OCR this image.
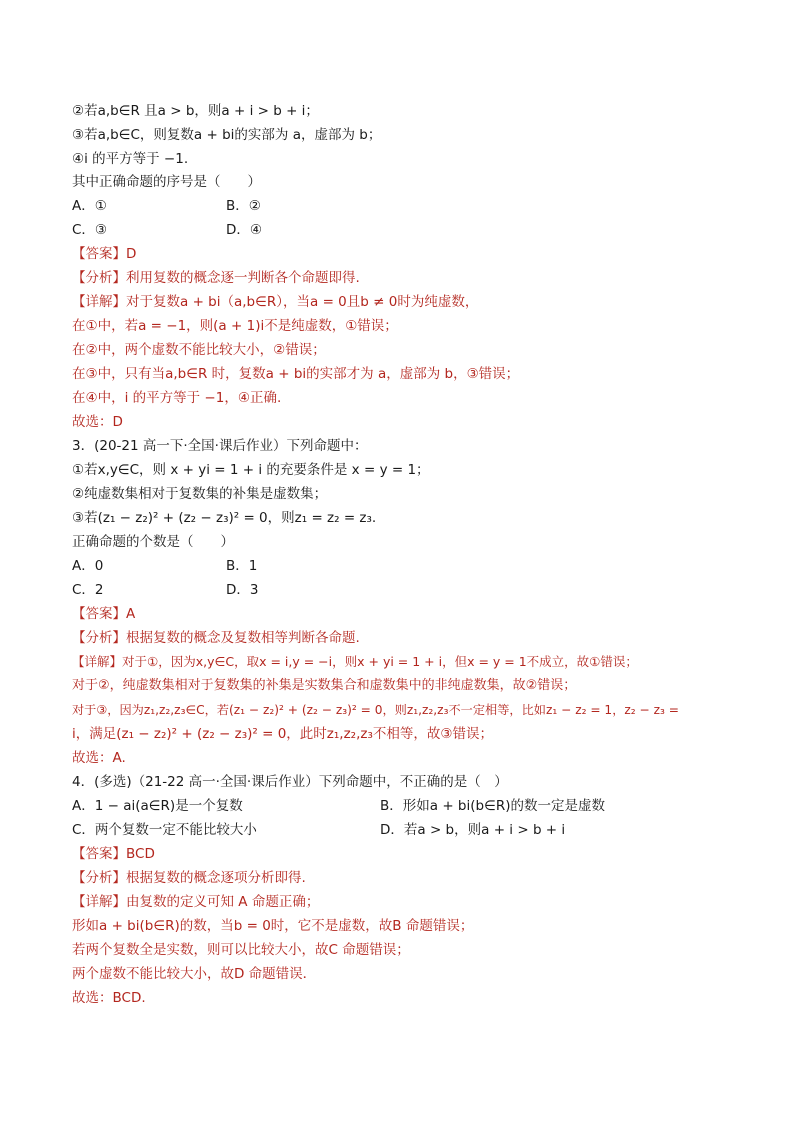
②若a,b∈R 且a > b，则a + i > b + i；
③若a,b∈C，则复数a + bi的实部为 a，虚部为 b；
④i 的平方等于 −1.
其中正确命题的序号是（　　）
A．①	B．②
C．③	D．④
【答案】D
【分析】利用复数的概念逐一判断各个命题即得.
【详解】对于复数a + bi（a,b∈R），当a = 0且b ≠ 0时为纯虚数，
在①中，若a = −1，则(a + 1)i不是纯虚数，①错误；
在②中，两个虚数不能比较大小，②错误；
在③中，只有当a,b∈R 时，复数a + bi的实部才为 a，虚部为 b，③错误；
在④中，i 的平方等于 −1，④正确.
故选：D
3．(20-21 高一下·全国·课后作业）下列命题中：
①若x,y∈C，则 x + yi = 1 + i 的充要条件是 x = y = 1；
②纯虚数集相对于复数集的补集是虚数集；
③若(z₁ − z₂)² + (z₂ − z₃)² = 0，则z₁ = z₂ = z₃.
正确命题的个数是（　　）
A．0	B．1
C．2	D．3
【答案】A
【分析】根据复数的概念及复数相等判断各命题.
【详解】对于①，因为x,y∈C，取x = i,y = −i，则x + yi = 1 + i，但x = y = 1不成立，故①错误；
对于②，纯虚数集相对于复数集的补集是实数集合和虚数集中的非纯虚数集，故②错误；
对于③，因为z₁,z₂,z₃∈C，若(z₁ − z₂)² + (z₂ − z₃)² = 0，则z₁,z₂,z₃不一定相等，比如z₁ − z₂ = 1，z₂ − z₃ =
i，满足(z₁ − z₂)² + (z₂ − z₃)² = 0，此时z₁,z₂,z₃不相等，故③错误；
故选：A.
4．(多选)（21-22 高一·全国·课后作业）下列命题中，不正确的是（　）
A．1 − ai(a∈R)是一个复数	B．形如a + bi(b∈R)的数一定是虚数
C．两个复数一定不能比较大小	D．若a > b，则a + i > b + i
【答案】BCD
【分析】根据复数的概念逐项分析即得.
【详解】由复数的定义可知 A 命题正确；
形如a + bi(b∈R)的数，当b = 0时，它不是虚数，故B 命题错误；
若两个复数全是实数，则可以比较大小，故C 命题错误；
两个虚数不能比较大小，故D 命题错误．
故选：BCD.
